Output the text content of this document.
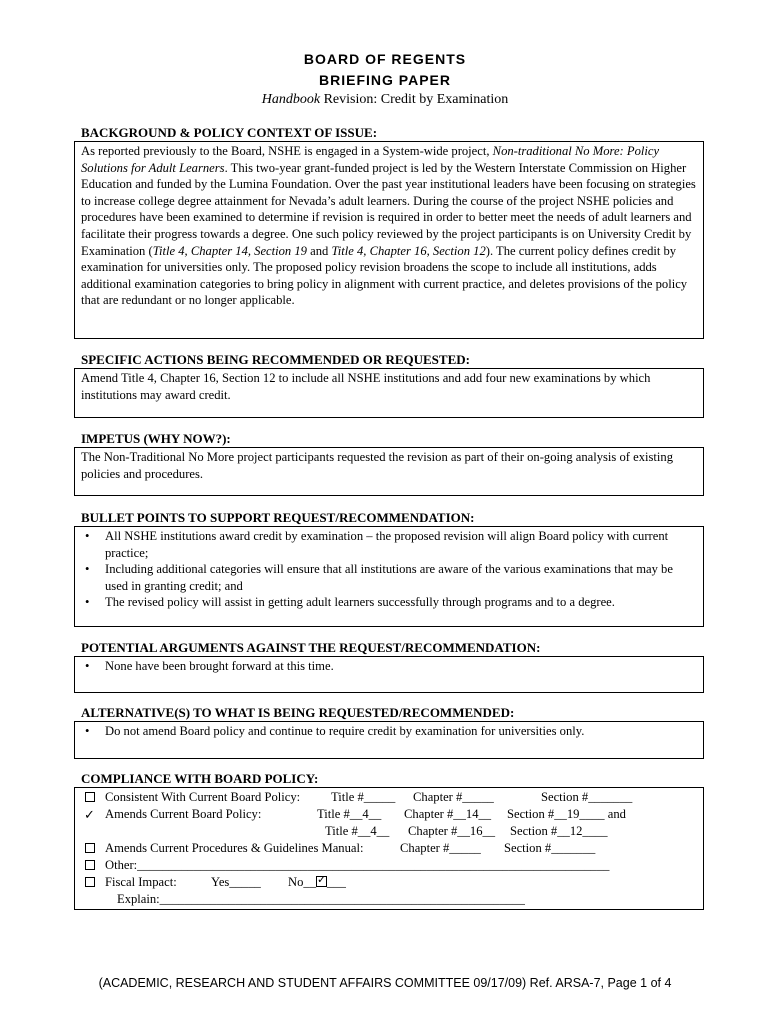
BOARD OF REGENTS
BRIEFING PAPER
Handbook Revision: Credit by Examination
BACKGROUND & POLICY CONTEXT OF ISSUE:

As reported previously to the Board, NSHE is engaged in a System-wide project, Non-traditional No More: Policy Solutions for Adult Learners. This two-year grant-funded project is led by the Western Interstate Commission on Higher Education and funded by the Lumina Foundation. Over the past year institutional leaders have been focusing on strategies to increase college degree attainment for Nevada’s adult learners. During the course of the project NSHE policies and procedures have been examined to determine if revision is required in order to better meet the needs of adult learners and facilitate their progress towards a degree. One such policy reviewed by the project participants is on University Credit by Examination (Title 4, Chapter 14, Section 19 and Title 4, Chapter 16, Section 12). The current policy defines credit by examination for universities only. The proposed policy revision broadens the scope to include all institutions, adds additional examination categories to bring policy in alignment with current practice, and deletes provisions of the policy that are redundant or no longer applicable.

SPECIFIC ACTIONS BEING RECOMMENDED OR REQUESTED:

Amend Title 4, Chapter 16, Section 12 to include all NSHE institutions and add four new examinations by which institutions may award credit.

IMPETUS (WHY NOW?):

The Non-Traditional No More project participants requested the revision as part of their on-going analysis of existing policies and procedures.

BULLET POINTS TO SUPPORT REQUEST/RECOMMENDATION:
• All NSHE institutions award credit by examination – the proposed revision will align Board policy with current practice;
• Including additional categories will ensure that all institutions are aware of the various examinations that may be used in granting credit; and
• The revised policy will assist in getting adult learners successfully through programs and to a degree.
POTENTIAL ARGUMENTS AGAINST THE REQUEST/RECOMMENDATION:
• None have been brought forward at this time.
ALTERNATIVE(S) TO WHAT IS BEING REQUESTED/RECOMMENDED:
• Do not amend Board policy and continue to require credit by examination for universities only.
COMPLIANCE WITH BOARD POLICY:
Consistent With Current Board Policy: Title #_____ Chapter #_____	Section #_______
✓ Amends Current Board Policy:	Title #__4__ Chapter #__14__ Section #__19____ and
Title #__4__ Chapter #__16__ Section #__12____
Amends Current Procedures & Guidelines Manual:	Chapter #_____ Section #_______
Other:___________________________________________________________________________
Fiscal Impact:	Yes_____ No__✓ ___
Explain:__________________________________________________________
(ACADEMIC, RESEARCH AND STUDENT AFFAIRS COMMITTEE 09/17/09) Ref. ARSA-7, Page 1 of 4
